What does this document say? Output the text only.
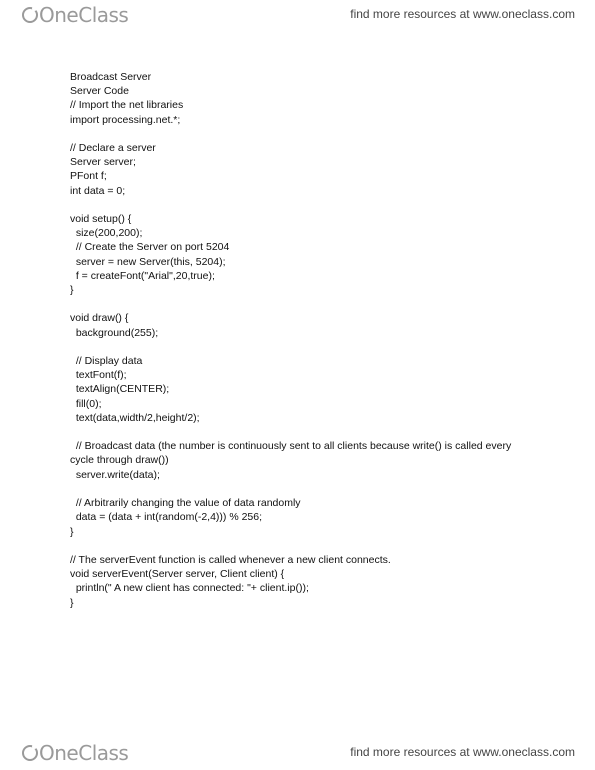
OneClass	find more resources at www.oneclass.com
Broadcast Server
Server Code
// Import the net libraries
import processing.net.*;

// Declare a server
Server server;
PFont f;
int data = 0;

void setup() {
size(200,200);
// Create the Server on port 5204
server = new Server(this, 5204);
f = createFont("Arial",20,true);
}

void draw() {
background(255);

// Display data
textFont(f);
textAlign(CENTER);
fill(0);
text(data,width/2,height/2);

// Broadcast data (the number is continuously sent to all clients because write() is called every
cycle through draw())
server.write(data);

// Arbitrarily changing the value of data randomly
data = (data + int(random(-2,4))) % 256;
}

// The serverEvent function is called whenever a new client connects.
void serverEvent(Server server, Client client) {
println(" A new client has connected: "+ client.ip());
}
OneClass	find more resources at www.oneclass.com
